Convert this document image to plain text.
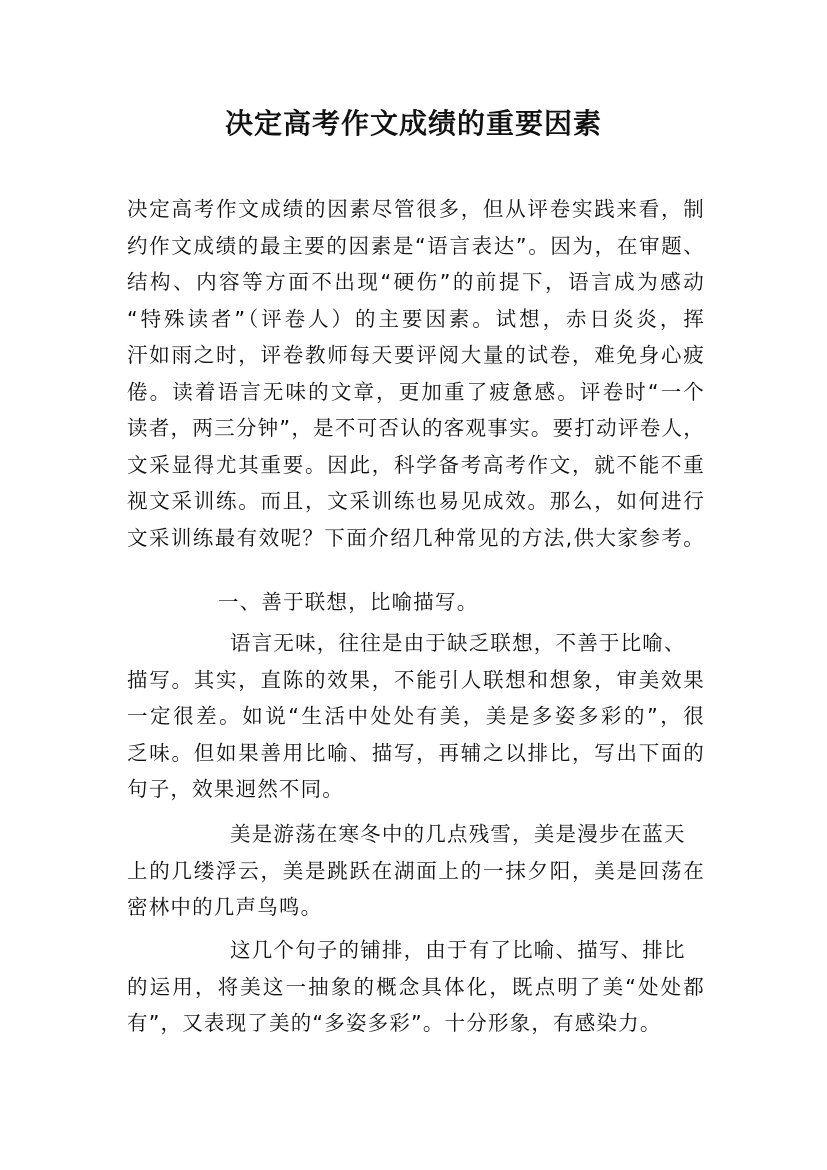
决定高考作文成绩的重要因素
决定高考作文成绩的因素尽管很多，但从评卷实践来看，制
约作文成绩的最主要的因素是“语言表达”。因为，在审题、
结构、内容等方面不出现“硬伤”的前提下，语言成为感动
“特殊读者”（评卷人）的主要因素。试想，赤日炎炎，挥
汗如雨之时，评卷教师每天要评阅大量的试卷，难免身心疲
倦。读着语言无味的文章，更加重了疲惫感。评卷时“一个
读者，两三分钟”，是不可否认的客观事实。要打动评卷人，
文采显得尤其重要。因此，科学备考高考作文，就不能不重
视文采训练。而且，文采训练也易见成效。那么，如何进行
文采训练最有效呢？下面介绍几种常见的方法,供大家参考。
一、善于联想，比喻描写。
语言无味，往往是由于缺乏联想，不善于比喻、
描写。其实，直陈的效果，不能引人联想和想象，审美效果
一定很差。如说“生活中处处有美，美是多姿多彩的”，很
乏味。但如果善用比喻、描写，再辅之以排比，写出下面的
句子，效果迥然不同。
美是游荡在寒冬中的几点残雪，美是漫步在蓝天
上的几缕浮云，美是跳跃在湖面上的一抹夕阳，美是回荡在
密林中的几声鸟鸣。
这几个句子的铺排，由于有了比喻、描写、排比
的运用，将美这一抽象的概念具体化，既点明了美“处处都
有”，又表现了美的“多姿多彩”。十分形象，有感染力。
